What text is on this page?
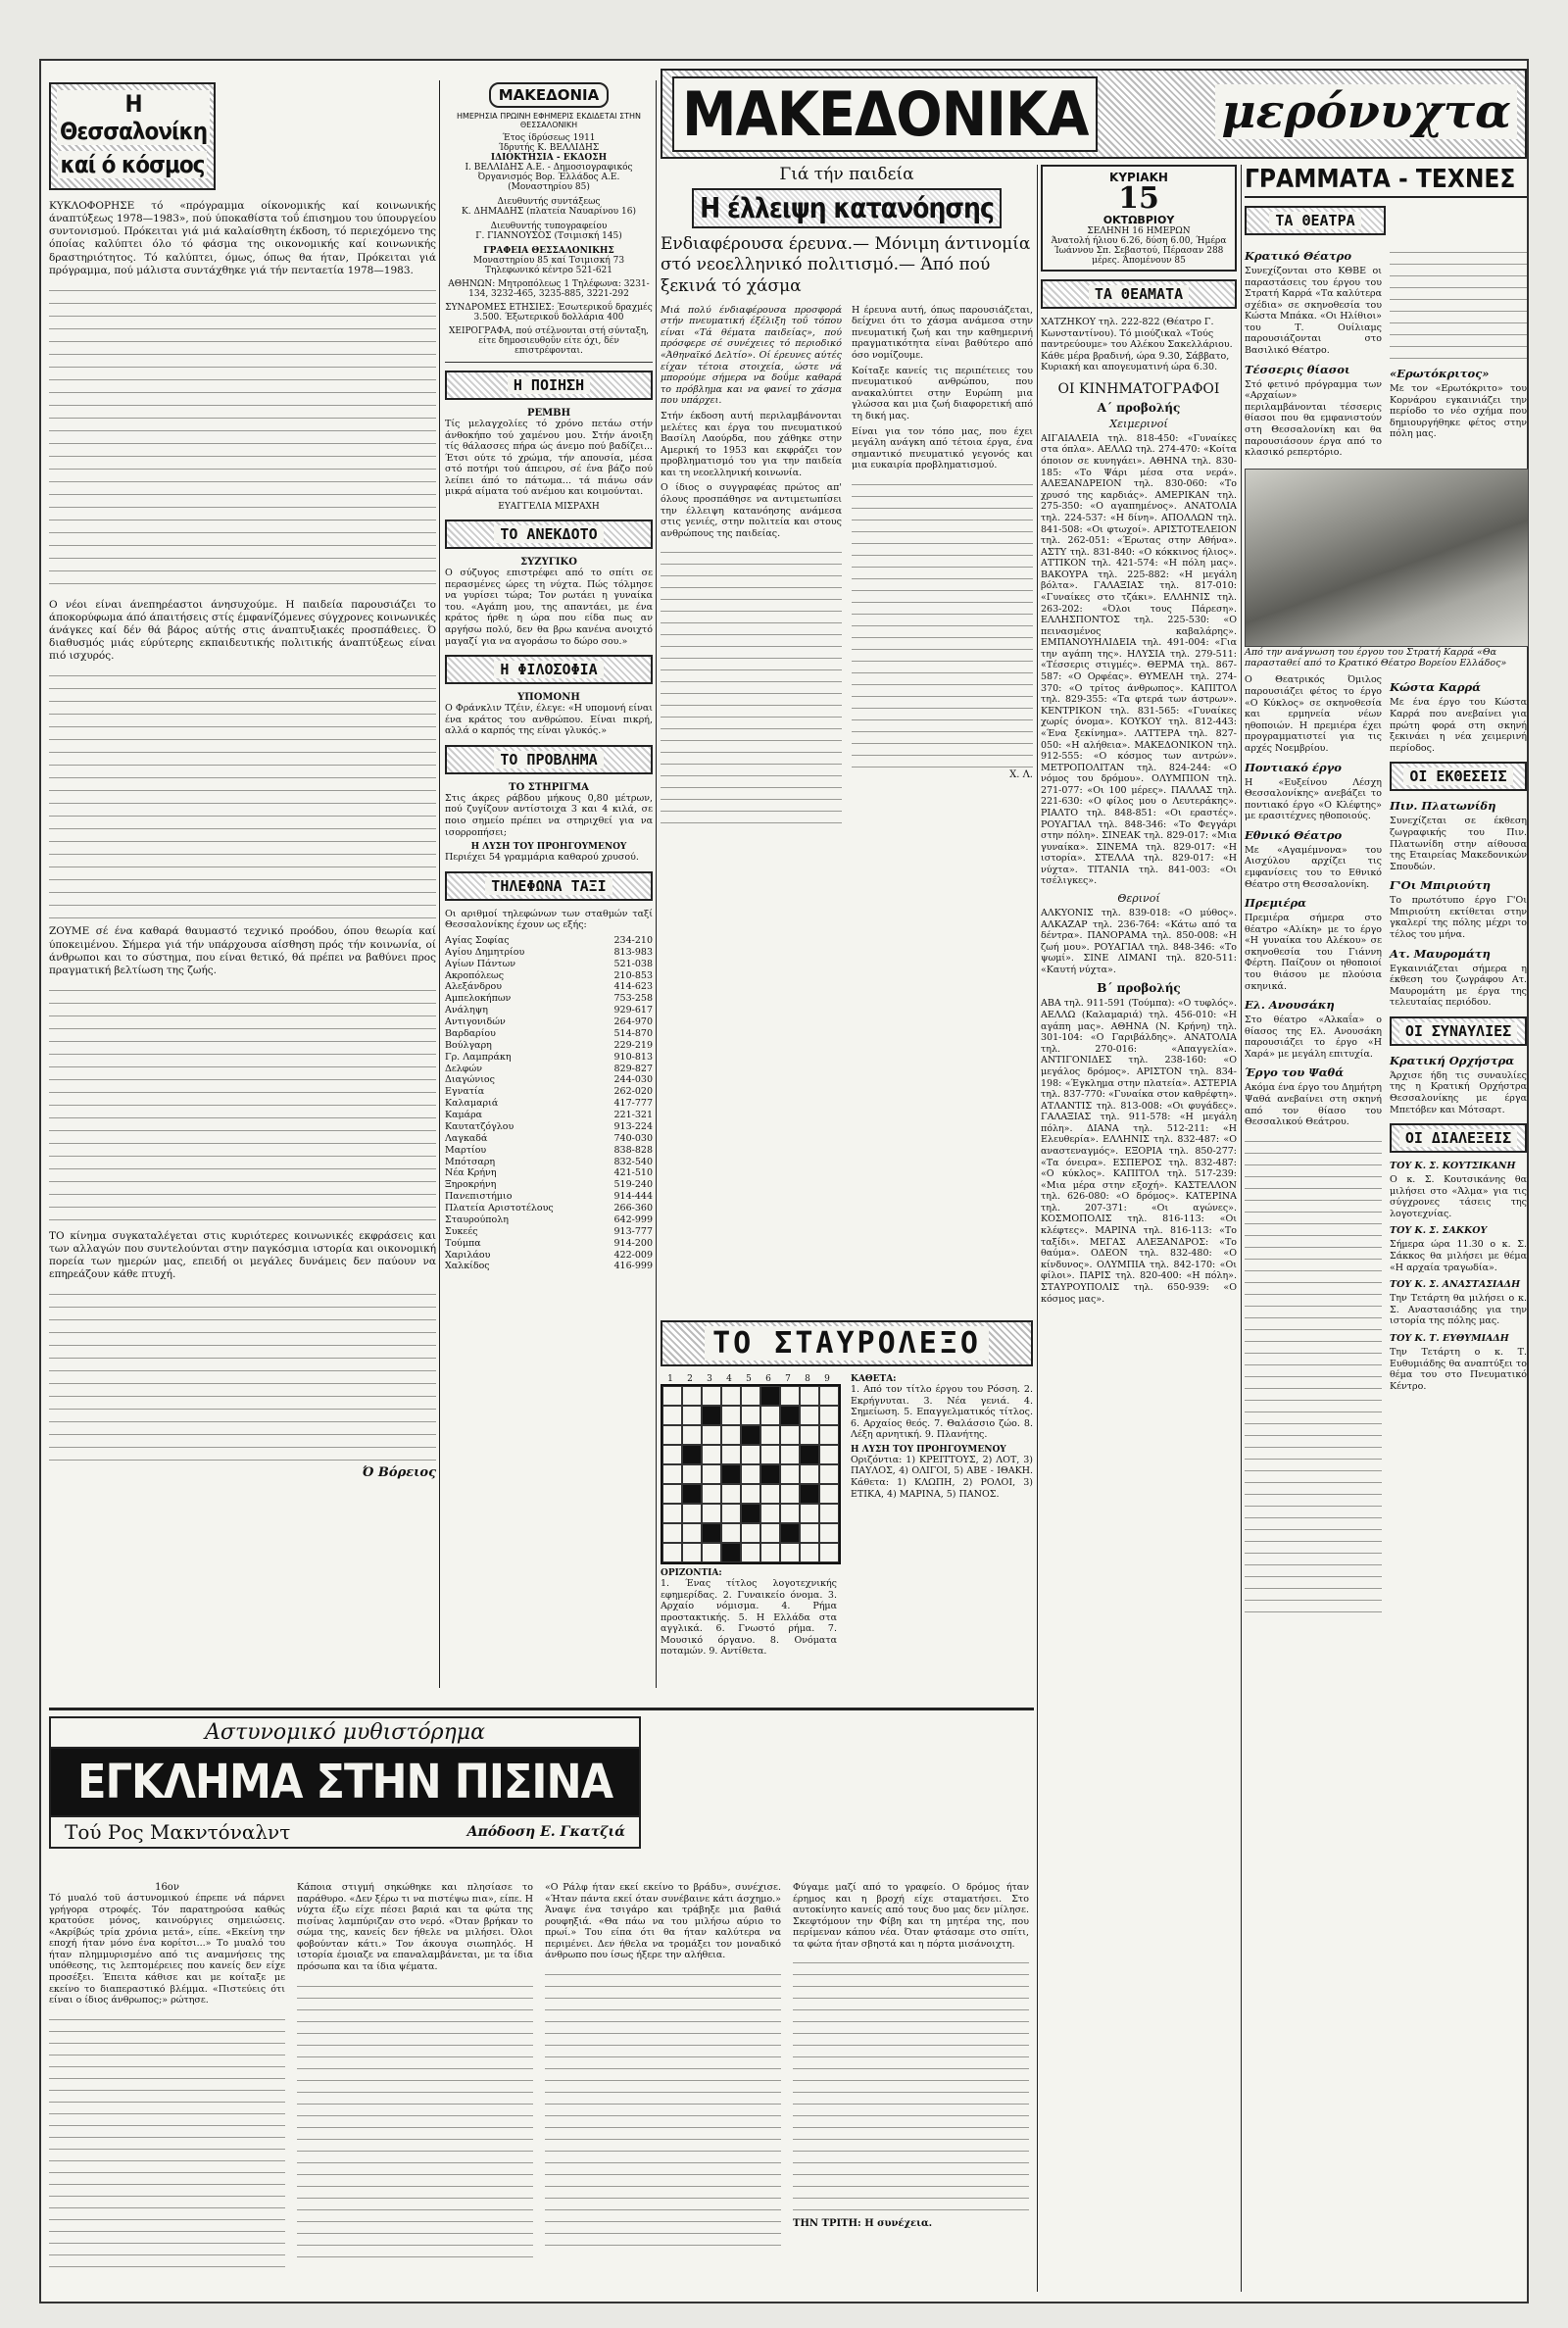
Η Θεσσαλονίκη καί ό κόσμος

ΚΥΚΛΟΦΟΡΗΣΕ τό «πρόγραμμα οίκονομικής καί κοινωνικής άναπτύξεως 1978—1983», πού ύποκαθίστα τοΰ έπισημου του ύπουργείου συντονισμού. Πρόκειται γιά μιά καλαίσθητη έκδοση, τό περιεχόμενο της όποίας καλύπτει όλο τό φάσμα της οικονομικής καί κοινωνικής δραστηριότητος. Τό καλύπτει, όμως, όπως θα ήταν, Πρόκειται γιά πρόγραμμα, πού μάλιστα συντάχθηκε γιά τήν πενταετία 1978—1983.

Ο νέοι είναι άνεπηρέαστοι άνησυχούμε. Η παιδεία παρουσιάζει το άποκορύφωμα άπό άπαιτήσεις στίς έμφανίζόμενες σύγχρονες κοινωνικές άνάγκες καί δέν θά βάρος αύτής στις άναπτυξιακές προσπάθειες. Ό διαθυσμός μιάς εύρύτερης εκπαιδευτικής πολιτικής άναπτύξεως είναι πιό ισχυρός.

ΖΟΥΜΕ σέ ένα καθαρά θαυμαστό τεχνικό προόδου, όπου θεωρία καί ύποκειμένου. Σήμερα γιά τήν υπάρχουσα αίσθηση πρός τήν κοινωνία, οί άνθρωποι και το σύστημα, που είναι θετικό, θά πρέπει να βαθύνει προς πραγματική βελτίωση της ζωής.

ΤΟ κίνημα συγκαταλέγεται στις κυριότερες κοινωνικές εκφράσεις και των αλλαγών που συντελούνται στην παγκόσμια ιστορία και οικονομική πορεία των ημερών μας, επειδή οι μεγάλες δυνάμεις δεν παύουν να επηρεάζουν κάθε πτυχή.

Ό Βόρειος
ΜΑΚΕΔΟΝΙΑ
ΗΜΕΡΗΣΙΑ ΠΡΩΙΝΗ ΕΦΗΜΕΡΙΣ ΕΚΔΙΔΕΤΑΙ ΣΤΗΝ ΘΕΣΣΑΛΟΝΙΚΗ
Έτος ίδρύσεως 1911
Ίδρυτής Κ. ΒΕΛΛΙΔΗΣ
ΙΔΙΟΚΤΗΣΙΑ - ΕΚΔΟΣΗ
Ι. ΒΕΛΛΙΔΗΣ Α.Ε. - Δημοσιογραφικός Όργανισμός Βορ. Έλλάδος Α.Ε. (Μοναστηρίου 85)
Διευθυντής συντάξεως
Κ. ΔΗΜΑΔΗΣ (πλατεία Ναυαρίνου 16)
Διευθυντής τυπογραφείου
Γ. ΓΙΑΝΝΟΥΣΟΣ (Τσιμισκή 145)
ΓΡΑΦΕΙΑ ΘΕΣΣΑΛΟΝΙΚΗΣ
Μοναστηρίου 85 καί Τσιμισκή 73 Τηλεφωνικό κέντρο 521-621
ΑΘΗΝΩΝ: Μητροπόλεως 1 Τηλέφωνα: 3231-134, 3232-465, 3235-885, 3221-292
ΣΥΝΔΡΟΜΕΣ ΕΤΗΣΙΕΣ: Έσωτερικοΰ δραχμές 3.500. Έξωτερικοΰ δολλάρια 400
ΧΕΙΡΟΓΡΑΦΑ, πού στέλνονται στή σύνταξη, είτε δημοσιευθοΰν είτε όχι, δέν επιστρέφονται.
Η ΠΟΙΗΣΗ
ΡΕΜΒΗ

Τίς μελαγχολίες τό χρόνο πετάω στήν άνθοκήπο τού χαμένου μου. Στήν άνοιξη τίς θάλασσες πήρα ώς άνεμο πού βαδίζει... Έτσι ούτε τό χρώμα, τήν απουσία, μέσα στό ποτήρι τού άπειρου, σέ ένα βάζο πού λείπει άπό το πάτωμα... τά πιάνω σάν μικρά αίματα τού ανέμου και κοιμούνται.

ΕΥΑΓΓΕΛΙΑ ΜΙΣΡΑΧΗ
ΤΟ ΑΝΕΚΔΟΤΟ
ΣΥΖΥΓΙΚΟ

Ο σύζυγος επιστρέφει από το σπίτι σε περασμένες ώρες τη νύχτα. Πώς τόλμησε να γυρίσει τώρα; Τον ρωτάει η γυναίκα του. «Αγάπη μου, της απαντάει, με ένα κράτος ήρθε η ώρα που είδα πως αν αργήσω πολύ, δεν θα βρω κανένα ανοιχτό μαγαζί για να αγοράσω το δώρο σου.»

Η ΦΙΛΟΣΟΦΙΑ
ΥΠΟΜΟΝΗ

Ο Φράνκλιν Τζέιν, έλεγε: «Η υπομονή είναι ένα κράτος του ανθρώπου. Είναι πικρή, αλλά ο καρπός της είναι γλυκός.»

ΤΟ ΠΡΟΒΛΗΜΑ
ΤΟ ΣΤΗΡΙΓΜΑ

Στις άκρες ράβδου μήκους 0,80 μέτρων, πού ζυγίζουν αντίστοιχα 3 και 4 κιλά, σε ποιο σημείο πρέπει να στηριχθεί για να ισορροπήσει;

Η ΛΥΣΗ ΤΟΥ ΠΡΟΗΓΟΥΜΕΝΟΥ

Περιέχει 54 γραμμάρια καθαρού χρυσού.

ΤΗΛΕΦΩΝΑ ΤΑΞΙ

Οι αριθμοί τηλεφώνων των σταθμών ταξί Θεσσαλονίκης έχουν ως εξής:

Αγίας Σοφίας	234-210
Αγίου Δημητρίου	813-983
Αγίων Πάντων	521-038
Ακροπόλεως	210-853
Αλεξάνδρου	414-623
Αμπελοκήπων	753-258
Ανάληψη	929-617
Αντιγονιδών	264-970
Βαρδαρίου	514-870
Βούλγαρη	229-219
Γρ. Λαμπράκη	910-813
Δελφών	829-827
Διαγώνιος	244-030
Εγνατία	262-020
Καλαμαριά	417-777
Καμάρα	221-321
Καυτατζόγλου	913-224
Λαγκαδά	740-030
Μαρτίου	838-828
Μπότσαρη	832-540
Νέα Κρήνη	421-510
Ξηροκρήνη	519-240
Πανεπιστήμιο	914-444
Πλατεία Αριστοτέλους	266-360
Σταυρούπολη	642-999
Συκεές	913-777
Τούμπα	914-200
Χαριλάου	422-009
Χαλκίδος	416-999
ΜΑΚΕΔΟΝΙΚΑ	μερόνυχτα
Γιά τήν παιδεία
Η έλλειψη κατανόησης
Ενδιαφέρουσα έρευνα.— Μόνιμη άντινομία στό νεοελληνικό πολιτισμό.— Άπό πού ξεκινά τό χάσμα

Μιά πολύ ένδιαφέρουσα προσφορά στήν πνευματική έξέλιξη τοΰ τόπου είναι «Τά θέματα παιδείας», πού πρόσφερε σέ συνέχειες τό περιοδικό «Άθηναϊκό Δελτίο». Οί έρευνες αύτές είχαν τέτοια στοιχεία, ώστε νά μπορούμε σήμερα να δοΰμε καθαρά το πρόβλημα και να φανεί το χάσμα που υπάρχει.

Στήν έκδοση αυτή περιλαμβάνονται μελέτες και έργα του πνευματικού Βασίλη Λαούρδα, που χάθηκε στην Αμερική το 1953 και εκφράζει τον προβληματισμό του για την παιδεία και τη νεοελληνική κοινωνία.

Ο ίδιος ο συγγραφέας πρώτος απ' όλους προσπάθησε να αντιμετωπίσει την έλλειψη κατανόησης ανάμεσα στις γενιές, στην πολιτεία και στους ανθρώπους της παιδείας.

Η έρευνα αυτή, όπως παρουσιάζεται, δείχνει ότι το χάσμα ανάμεσα στην πνευματική ζωή και την καθημερινή πραγματικότητα είναι βαθύτερο από όσο νομίζουμε.

Κοίταξε κανείς τις περιπέτειες του πνευματικού ανθρώπου, που ανακαλύπτει στην Ευρώπη μια γλώσσα και μια ζωή διαφορετική από τη δική μας.

Είναι για τον τόπο μας, που έχει μεγάλη ανάγκη από τέτοια έργα, ένα σημαντικό πνευματικό γεγονός και μια ευκαιρία προβληματισμού.

Χ. Λ.
ΤΟ ΣΤΑΥΡΟΛΕΞΟ
1	2	3	4	5	6	7	8	9
ΟΡΙΖΟΝΤΙΑ:

1. Ένας τίτλος λογοτεχνικής εφημερίδας. 2. Γυναικείο όνομα. 3. Αρχαίο νόμισμα. 4. Ρήμα προστακτικής. 5. Η Ελλάδα στα αγγλικά. 6. Γνωστό ρήμα. 7. Μουσικό όργανο. 8. Ονόματα ποταμών. 9. Αντίθετα.

ΚΑΘΕΤΑ:

1. Από τον τίτλο έργου του Ρόσση. 2. Εκρήγνυται. 3. Νέα γενιά. 4. Σημείωση. 5. Επαγγελματικός τίτλος. 6. Αρχαίος θεός. 7. Θαλάσσιο ζώο. 8. Λέξη αρνητική. 9. Πλανήτης.

Η ΛΥΣΗ ΤΟΥ ΠΡΟΗΓΟΥΜΕΝΟΥ

Οριζόντια: 1) ΚΡΕΙΤΤΟΥΣ, 2) ΛΟΤ, 3) ΠΑΥΛΟΣ, 4) ΟΛΙΓΟΙ, 5) ΑΒΕ - ΙΘΑΚΗ. Κάθετα: 1) ΚΛΩΠΗ, 2) ΡΟΛΟΙ, 3) ΕΤΙΚΑ, 4) ΜΑΡΙΝΑ, 5) ΠΑΝΟΣ.

ΚΥΡΙΑΚΗ
15
ΟΚΤΩΒΡΙΟΥ
ΣΕΛΗΝΗ 16 ΗΜΕΡΩΝ
Άνατολή ήλιου 6.26, δύση 6.00, Ήμέρα Ίωάννου Σπ. Σεβαστού, Πέρασαν 288 μέρες. Άπομένουν 85
ΤΑ ΘΕΑΜΑΤΑ

ΧΑΤΖΗΚΟΥ τηλ. 222-822 (Θέατρο Γ. Κωνσταντίνου). Τό μιούζικαλ «Τούς παντρεύουμε» του Αλέκου Σακελλάριου. Κάθε μέρα βραδινή, ώρα 9.30, Σάββατο, Κυριακή και απογευματινή ώρα 6.30.

ΟΙ ΚΙΝΗΜΑΤΟΓΡΑΦΟΙ
Α΄ προβολής
Χειμερινοί

ΑΙΓΑΙΑΛΕΙΑ τηλ. 818-450: «Γυναίκες στα όπλα». ΑΕΛΛΩ τηλ. 274-470: «Κοίτα όποιον σε κυνηγάει». ΑΘΗΝΑ τηλ. 830-185: «Το Ψάρι μέσα στα νερά». ΑΛΕΞΑΝΔΡΕΙΟΝ τηλ. 830-060: «Το χρυσό της καρδιάς». ΑΜΕΡΙΚΑΝ τηλ. 275-350: «Ο αγαπημένος». ΑΝΑΤΟΛΙΑ τηλ. 224-537: «Η δίνη». ΑΠΟΛΛΩΝ τηλ. 841-508: «Οι φτωχοί». ΑΡΙΣΤΟΤΕΛΕΙΟΝ τηλ. 262-051: «Έρωτας στην Αθήνα». ΑΣΤΥ τηλ. 831-840: «Ο κόκκινος ήλιος». ΑΤΤΙΚΟΝ τηλ. 421-574: «Η πόλη μας». ΒΑΚΟΥΡΑ τηλ. 225-882: «Η μεγάλη βόλτα». ΓΑΛΑΞΙΑΣ τηλ. 817-010: «Γυναίκες στο τζάκι». ΕΛΛΗΝΙΣ τηλ. 263-202: «Όλοι τους Πάρεση». ΕΛΛΗΣΠΟΝΤΟΣ τηλ. 225-530: «Ο πεινασμένος καβαλάρης». ΕΜΠΑΝΟΥΗΛΙΔΕΙΑ τηλ. 491-004: «Για την αγάπη της». ΗΛΥΣΙΑ τηλ. 279-511: «Τέσσερις στιγμές». ΘΕΡΜΑ τηλ. 867-587: «Ο Ορφέας». ΘΥΜΕΛΗ τηλ. 274-370: «Ο τρίτος άνθρωπος». ΚΑΠΙΤΟΛ τηλ. 829-355: «Τα φτερά των άστρων». ΚΕΝΤΡΙΚΟΝ τηλ. 831-565: «Γυναίκες χωρίς όνομα». ΚΟΥΚΟΥ τηλ. 812-443: «Ένα ξεκίνημα». ΛΑΤΤΕΡΑ τηλ. 827-050: «Η αλήθεια». ΜΑΚΕΔΟΝΙΚΟΝ τηλ. 912-555: «Ο κόσμος των αντρών». ΜΕΤΡΟΠΟΛΙΤΑΝ τηλ. 824-244: «Ο νόμος του δρόμου». ΟΛΥΜΠΙΟΝ τηλ. 271-077: «Οι 100 μέρες». ΠΑΛΛΑΣ τηλ. 221-630: «Ο φίλος μου ο Λευτεράκης». ΡΙΑΛΤΟ τηλ. 848-851: «Οι εραστές». ΡΟΥΑΓΙΑΛ τηλ. 848-346: «Το Φεγγάρι στην πόλη». ΣΙΝΕΑΚ τηλ. 829-017: «Μια γυναίκα». ΣΙΝΕΜΑ τηλ. 829-017: «Η ιστορία». ΣΤΕΛΛΑ τηλ. 829-017: «Η νύχτα». ΤΙΤΑΝΙΑ τηλ. 841-003: «Οι τσέλιγκες».

Θερινοί

ΑΛΚΥΟΝΙΣ τηλ. 839-018: «Ο μύθος». ΑΛΚΑΖΑΡ τηλ. 236-764: «Κάτω από τα δέντρα». ΠΑΝΟΡΑΜΑ τηλ. 850-008: «Η ζωή μου». ΡΟΥΑΓΙΑΛ τηλ. 848-346: «Το ψωμί». ΣΙΝΕ ΛΙΜΑΝΙ τηλ. 820-511: «Καυτή νύχτα».

Β΄ προβολής

ΑΒΑ τηλ. 911-591 (Τούμπα): «Ο τυφλός». ΑΕΛΛΩ (Καλαμαριά) τηλ. 456-010: «Η αγάπη μας». ΑΘΗΝΑ (Ν. Κρήνη) τηλ. 301-104: «Ο Γαριβάλδης». ΑΝΑΤΟΛΙΑ τηλ. 270-016: «Απαγγελία». ΑΝΤΙΓΟΝΙΔΕΣ τηλ. 238-160: «Ο μεγάλος δρόμος». ΑΡΙΣΤΟΝ τηλ. 834-198: «Έγκλημα στην πλατεία». ΑΣΤΕΡΙΑ τηλ. 837-770: «Γυναίκα στον καθρέφτη». ΑΤΛΑΝΤΙΣ τηλ. 813-008: «Οι φυγάδες». ΓΑΛΑΞΙΑΣ τηλ. 911-578: «Η μεγάλη πόλη». ΔΙΑΝΑ τηλ. 512-211: «Η Ελευθερία». ΕΛΛΗΝΙΣ τηλ. 832-487: «Ο αναστεναγμός». ΕΞΟΡΙΑ τηλ. 850-277: «Τα όνειρα». ΕΣΠΕΡΟΣ τηλ. 832-487: «Ο κύκλος». ΚΑΠΙΤΟΛ τηλ. 517-239: «Μια μέρα στην εξοχή». ΚΑΣΤΕΛΛΟΝ τηλ. 626-080: «Ο δρόμος». ΚΑΤΕΡΙΝΑ τηλ. 207-371: «Οι αγώνες». ΚΟΣΜΟΠΟΛΙΣ τηλ. 816-113: «Οι κλέφτες». ΜΑΡΙΝΑ τηλ. 816-113: «Το ταξίδι». ΜΕΓΑΣ ΑΛΕΞΑΝΔΡΟΣ: «Το θαύμα». ΟΔΕΟΝ τηλ. 832-480: «Ο κίνδυνος». ΟΛΥΜΠΙΑ τηλ. 842-170: «Οι φίλοι». ΠΑΡΙΣ τηλ. 820-400: «Η πόλη». ΣΤΑΥΡΟΥΠΟΛΙΣ τηλ. 650-939: «Ο κόσμος μας».

ΓΡΑΜΜΑΤΑ - ΤΕΧΝΕΣ
ΤΑ ΘΕΑΤΡΑ
Κρατικό Θέατρο

Συνεχίζονται στο ΚΘΒΕ οι παραστάσεις του έργου του Στρατή Καρρά «Τα καλύτερα σχέδια» σε σκηνοθεσία του Κώστα Μπάκα. «Οι Ηλίθιοι» του Τ. Ουίλιαμς παρουσιάζονται στο Βασιλικό Θέατρο.

Τέσσερις θίασοι

Στό φετινό πρόγραμμα των «Αρχαίων» περιλαμβάνονται τέσσερις θίασοι που θα εμφανιστούν στη Θεσσαλονίκη και θα παρουσιάσουν έργα από το κλασικό ρεπερτόριο.

«Ερωτόκριτος»

Με τον «Ερωτόκριτο» του Κορνάρου εγκαινιάζει την περίοδο το νέο σχήμα που δημιουργήθηκε φέτος στην πόλη μας.

Από την ανάγνωση του έργου του Στρατή Καρρά «Θα παρασταθεί από το Κρατικό Θέατρο Βορείου Ελλάδος»

Ο Θεατρικός Όμιλος παρουσιάζει φέτος το έργο «Ο Κύκλος» σε σκηνοθεσία και ερμηνεία νέων ηθοποιών. Η πρεμιέρα έχει προγραμματιστεί για τις αρχές Νοεμβρίου.

Ποντιακό έργο

Η «Ευξείνου Λέσχη Θεσσαλονίκης» ανεβάζει το ποντιακό έργο «Ο Κλέφτης» με ερασιτέχνες ηθοποιούς.

Εθνικό Θέατρο

Με «Αγαμέμνονα» του Αισχύλου αρχίζει τις εμφανίσεις του το Εθνικό Θέατρο στη Θεσσαλονίκη.

Πρεμιέρα

Πρεμιέρα σήμερα στο θέατρο «Αλίκη» με το έργο «Η γυναίκα του Αλέκου» σε σκηνοθεσία του Γιάννη Φέρτη. Παίζουν οι ηθοποιοί του θιάσου με πλούσια σκηνικά.

Ελ. Ανουσάκη

Στο θέατρο «Αλκαΐα» ο θίασος της Ελ. Ανουσάκη παρουσιάζει το έργο «Η Χαρά» με μεγάλη επιτυχία.

Έργο του Ψαθά

Ακόμα ένα έργο του Δημήτρη Ψαθά ανεβαίνει στη σκηνή από τον θίασο του Θεσσαλικού Θεάτρου.

Κώστα Καρρά

Με ένα έργο του Κώστα Καρρά που ανεβαίνει για πρώτη φορά στη σκηνή ξεκινάει η νέα χειμερινή περίοδος.

ΟΙ ΕΚΘΕΣΕΙΣ
Πιν. Πλατωνίδη

Συνεχίζεται σε έκθεση ζωγραφικής του Πιν. Πλατωνίδη στην αίθουσα της Εταιρείας Μακεδονικών Σπουδών.

Γ'Οι Μπιριούτη

Το πρωτότυπο έργο Γ'Οι Μπιριούτη εκτίθεται στην γκαλερί της πόλης μέχρι το τέλος του μήνα.

Ατ. Μαυρομάτη

Εγκαινιάζεται σήμερα η έκθεση του ζωγράφου Ατ. Μαυρομάτη με έργα της τελευταίας περιόδου.

ΟΙ ΣΥΝΑΥΛΙΕΣ
Κρατική Ορχήστρα

Άρχισε ήδη τις συναυλίες της η Κρατική Ορχήστρα Θεσσαλονίκης με έργα Μπετόβεν και Μότσαρτ.

ΟΙ ΔΙΑΛΕΞΕΙΣ
ΤΟΥ Κ. Σ. ΚΟΥΤΣΙΚΑΝΗ

Ο κ. Σ. Κουτσικάνης θα μιλήσει στο «Άλμα» για τις σύγχρονες τάσεις της λογοτεχνίας.

ΤΟΥ Κ. Σ. ΣΑΚΚΟΥ

Σήμερα ώρα 11.30 ο κ. Σ. Σάκκος θα μιλήσει με θέμα «Η αρχαία τραγωδία».

ΤΟΥ Κ. Σ. ΑΝΑΣΤΑΣΙΑΔΗ

Την Τετάρτη θα μιλήσει ο κ. Σ. Αναστασιάδης για την ιστορία της πόλης μας.

ΤΟΥ Κ. Τ. ΕΥΘΥΜΙΑΔΗ

Την Τετάρτη ο κ. Τ. Ευθυμιάδης θα αναπτύξει το θέμα του στο Πνευματικό Κέντρο.

Αστυνομικό μυθιστόρημα
ΕΓΚΛΗΜΑ ΣΤΗΝ ΠΙΣΙΝΑ
Τού Ρος Μακντόναλντ	Απόδοση Ε. Γκατζιά
16ον

Τό μυαλό τοϋ άστυνομικού έπρεπε νά πάρνει γρήγορα στροφές. Τόν παρατηρούσα καθώς κρατούσε μόνος, καινούργιες σημειώσεις. «Ακρίβώς τρία χρόνια μετά», είπε. «Εκείνη την εποχή ήταν μόνο ένα κορίτσι...» Το μυαλό του ήταν πλημμυρισμένο από τις αναμνήσεις της υπόθεσης, τις λεπτομέρειες που κανείς δεν είχε προσέξει. Έπειτα κάθισε και με κοίταξε με εκείνο το διαπεραστικό βλέμμα. «Πιστεύεις ότι είναι ο ίδιος άνθρωπος;» ρώτησε.

Κάποια στιγμή σηκώθηκε και πλησίασε το παράθυρο. «Δεν ξέρω τι να πιστέψω πια», είπε. Η νύχτα έξω είχε πέσει βαριά και τα φώτα της πισίνας λαμπύριζαν στο νερό. «Όταν βρήκαν το σώμα της, κανείς δεν ήθελε να μιλήσει. Όλοι φοβούνταν κάτι.» Τον άκουγα σιωπηλός. Η ιστορία έμοιαζε να επαναλαμβάνεται, με τα ίδια πρόσωπα και τα ίδια ψέματα.

«Ο Ράλφ ήταν εκεί εκείνο το βράδυ», συνέχισε. «Ήταν πάντα εκεί όταν συνέβαινε κάτι άσχημο.» Άναψε ένα τσιγάρο και τράβηξε μια βαθιά ρουφηξιά. «Θα πάω να του μιλήσω αύριο το πρωί.» Του είπα ότι θα ήταν καλύτερα να περιμένει. Δεν ήθελα να τρομάξει τον μοναδικό άνθρωπο που ίσως ήξερε την αλήθεια.

Φύγαμε μαζί από το γραφείο. Ο δρόμος ήταν έρημος και η βροχή είχε σταματήσει. Στο αυτοκίνητο κανείς από τους δυο μας δεν μίλησε. Σκεφτόμουν την Φίβη και τη μητέρα της, που περίμεναν κάπου νέα. Όταν φτάσαμε στο σπίτι, τα φώτα ήταν σβηστά και η πόρτα μισάνοιχτη.

ΤΗΝ ΤΡΙΤΗ: Η συνέχεια.
